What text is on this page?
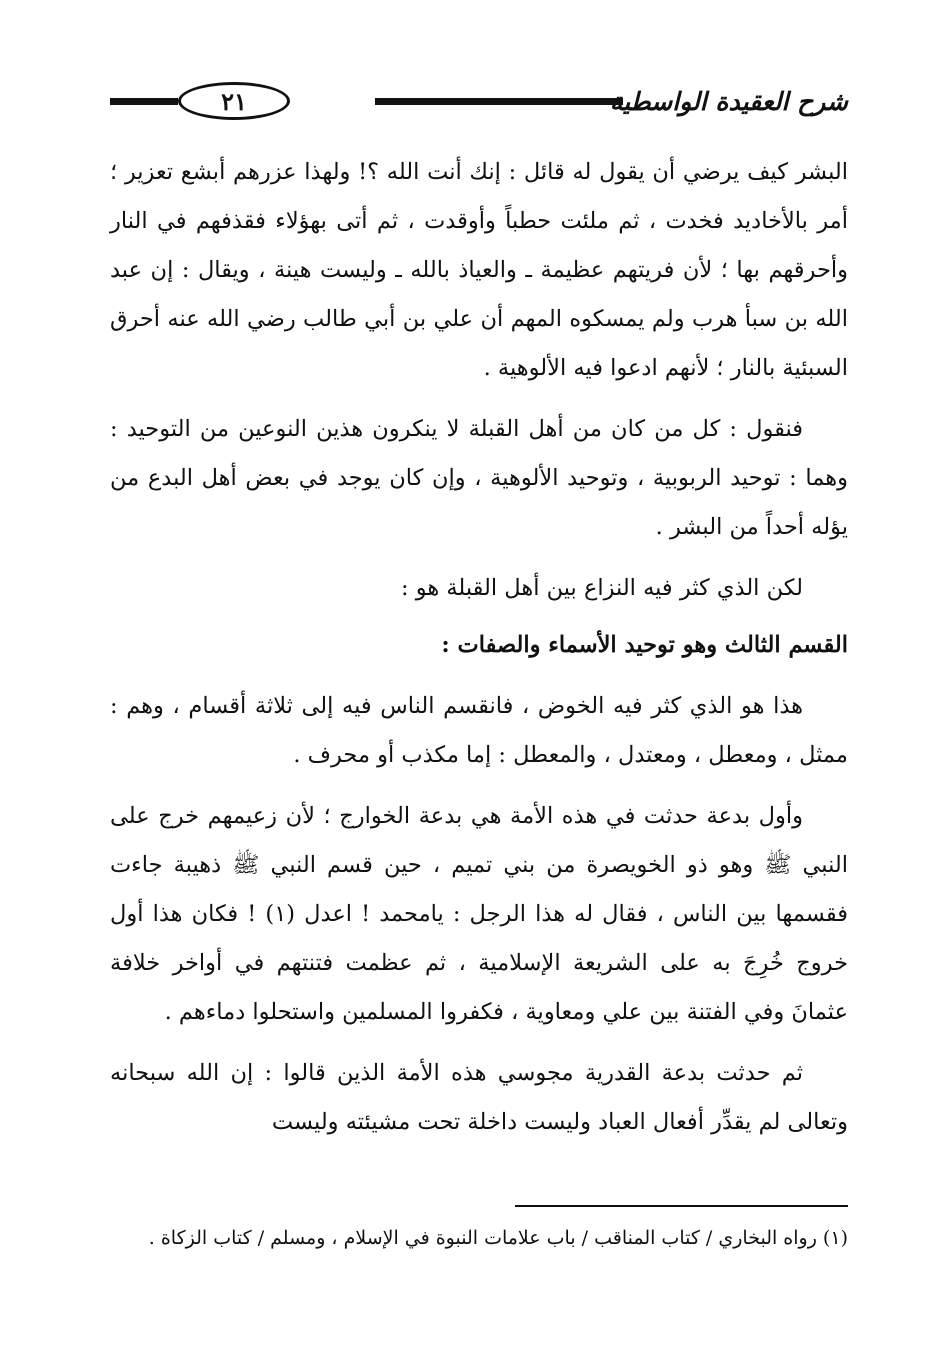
٢١	شرح العقيدة الواسطية

البشر كيف يرضي أن يقول له قائل : إنك أنت الله ؟! ولهذا عزرهم أبشع تعزير ؛ أمر بالأخاديد فخدت ، ثم ملئت حطباً وأوقدت ، ثم أتى بهؤلاء فقذفهم في النار وأحرقهم بها ؛ لأن فريتهم عظيمة ـ والعياذ بالله ـ وليست هينة ، ويقال : إن عبد الله بن سبأ هرب ولم يمسكوه المهم أن علي بن أبي طالب رضي الله عنه أحرق السبئية بالنار ؛ لأنهم ادعوا فيه الألوهية .

فنقول : كل من كان من أهل القبلة لا ينكرون هذين النوعين من التوحيد : وهما : توحيد الربوبية ، وتوحيد الألوهية ، وإن كان يوجد في بعض أهل البدع من يؤله أحداً من البشر .

لكن الذي كثر فيه النزاع بين أهل القبلة هو :

القسم الثالث وهو توحيد الأسماء والصفات :

هذا هو الذي كثر فيه الخوض ، فانقسم الناس فيه إلى ثلاثة أقسام ، وهم : ممثل ، ومعطل ، ومعتدل ، والمعطل : إما مكذب أو محرف .

وأول بدعة حدثت في هذه الأمة هي بدعة الخوارج ؛ لأن زعيمهم خرج على النبي ﷺ وهو ذو الخويصرة من بني تميم ، حين قسم النبي ﷺ ذهيبة جاءت فقسمها بين الناس ، فقال له هذا الرجل : يامحمد ! اعدل (١) ! فكان هذا أول خروج خُرِجَ به على الشريعة الإسلامية ، ثم عظمت فتنتهم في أواخر خلافة عثمانَ وفي الفتنة بين علي ومعاوية ، فكفروا المسلمين واستحلوا دماءهم .

ثم حدثت بدعة القدرية مجوسي هذه الأمة الذين قالوا : إن الله سبحانه وتعالى لم يقدِّر أفعال العباد وليست داخلة تحت مشيئته وليست

(١) رواه البخاري / كتاب المناقب / باب علامات النبوة في الإسلام ، ومسلم / كتاب الزكاة .
